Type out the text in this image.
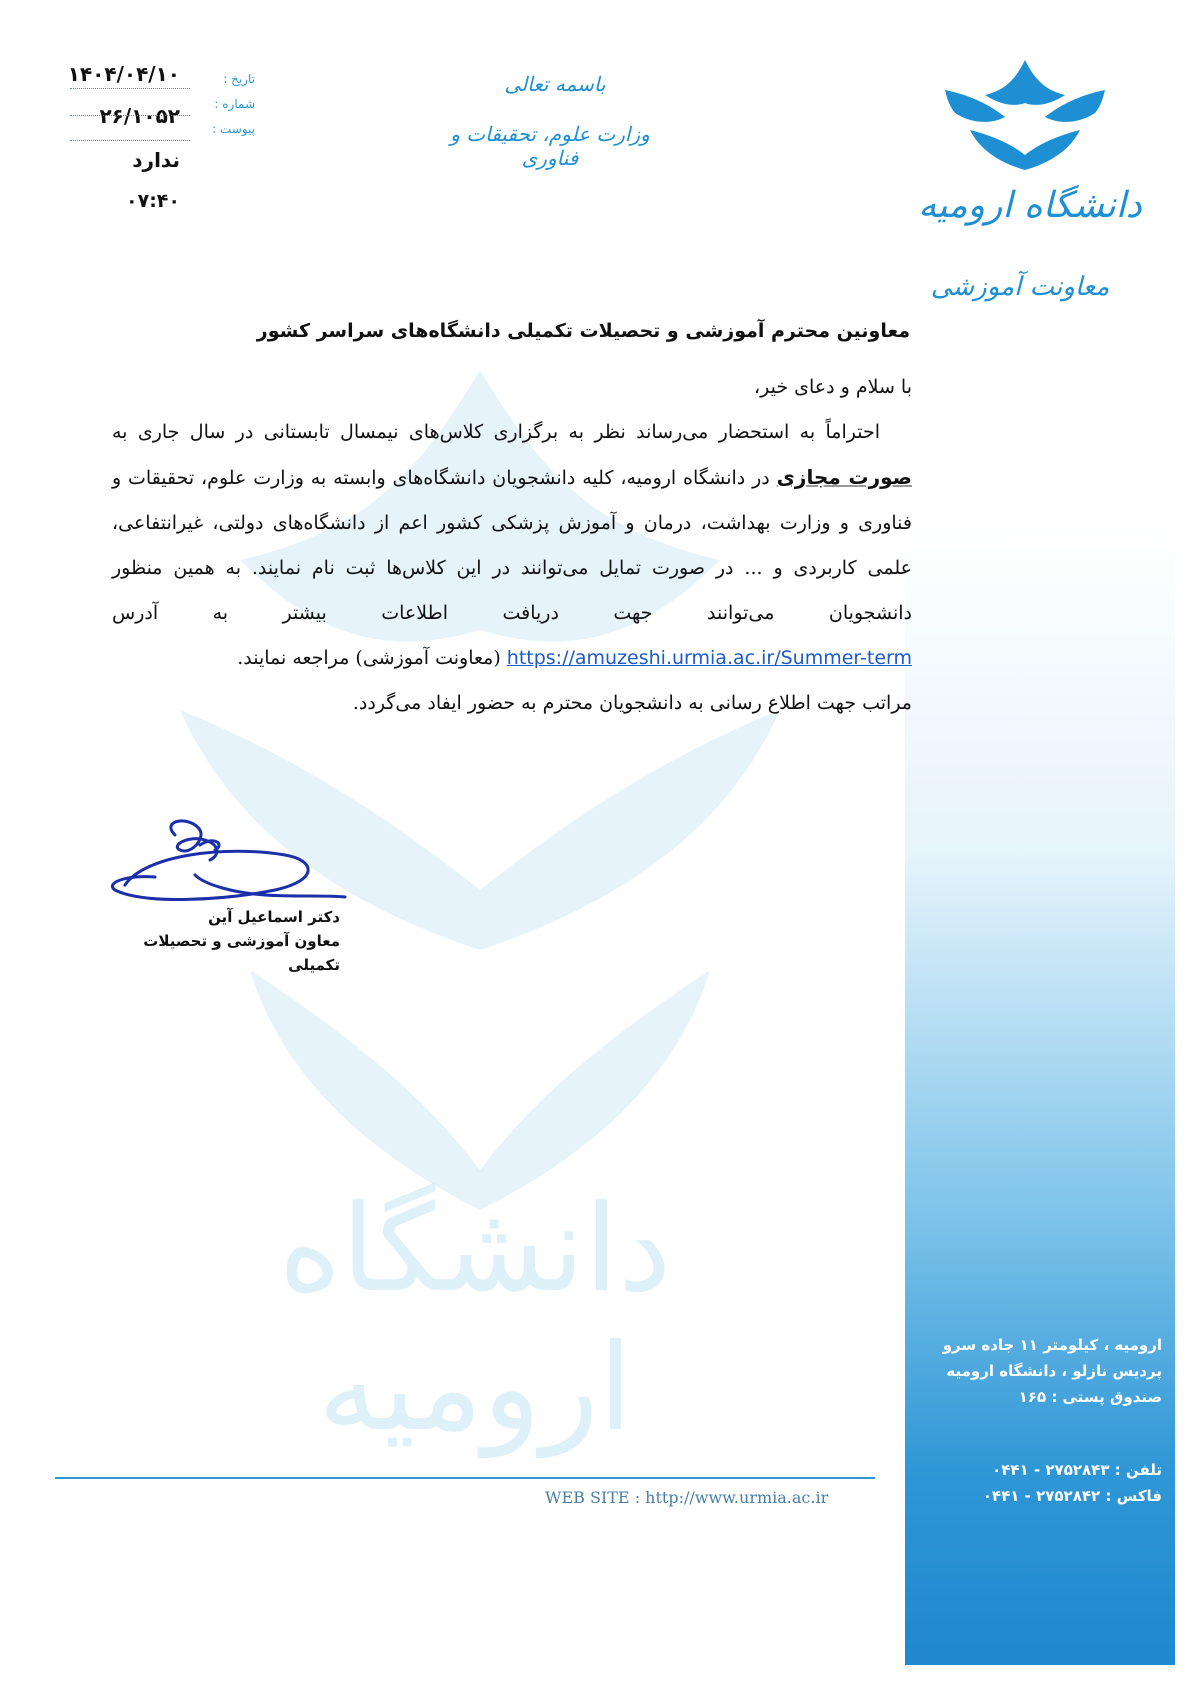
دانشگاه ارومیه
دانشگاه ارومیه
معاونت آموزشی
باسمه تعالی
وزارت علوم، تحقیقات و فناوری
تاریخ :
۱۴۰۴/۰۴/۱۰
شماره :
۲۶/۱۰۵۲
پیوست :
ندارد
۰۷:۴۰
معاونین محترم آموزشی و تحصیلات تکمیلی دانشگاه‌های سراسر کشور

با سلام و دعای خیر،

احتراماً به استحضار می‌رساند نظر به برگزاری کلاس‌های نیمسال تابستانی در سال جاری به صورت مجازی در دانشگاه ارومیه، کلیه دانشجویان دانشگاه‌های وابسته به وزارت علوم، تحقیقات و فناوری و وزارت بهداشت، درمان و آموزش پزشکی کشور اعم از دانشگاه‌های دولتی، غیرانتفاعی، علمی کاربردی و ... در صورت تمایل می‌توانند در این کلاس‌ها ثبت نام نمایند. به همین منظور دانشجویان می‌توانند جهت دریافت اطلاعات بیشتر به آدرس https://amuzeshi.urmia.ac.ir/Summer-term (معاونت آموزشی) مراجعه نمایند.

مراتب جهت اطلاع رسانی به دانشجویان محترم به حضور ایفاد می‌گردد.

دکتر اسماعیل آین
معاون آموزشی و تحصیلات تکمیلی
ارومیه ، کیلومتر ۱۱ جاده سرو
پردیس نازلو ، دانشگاه ارومیه
صندوق پستی : ۱۶۵
تلفن : ۲۷۵۲۸۴۳ - ۰۴۴۱
فاکس : ۲۷۵۲۸۴۲ - ۰۴۴۱
WEB SITE : http://www.urmia.ac.ir
